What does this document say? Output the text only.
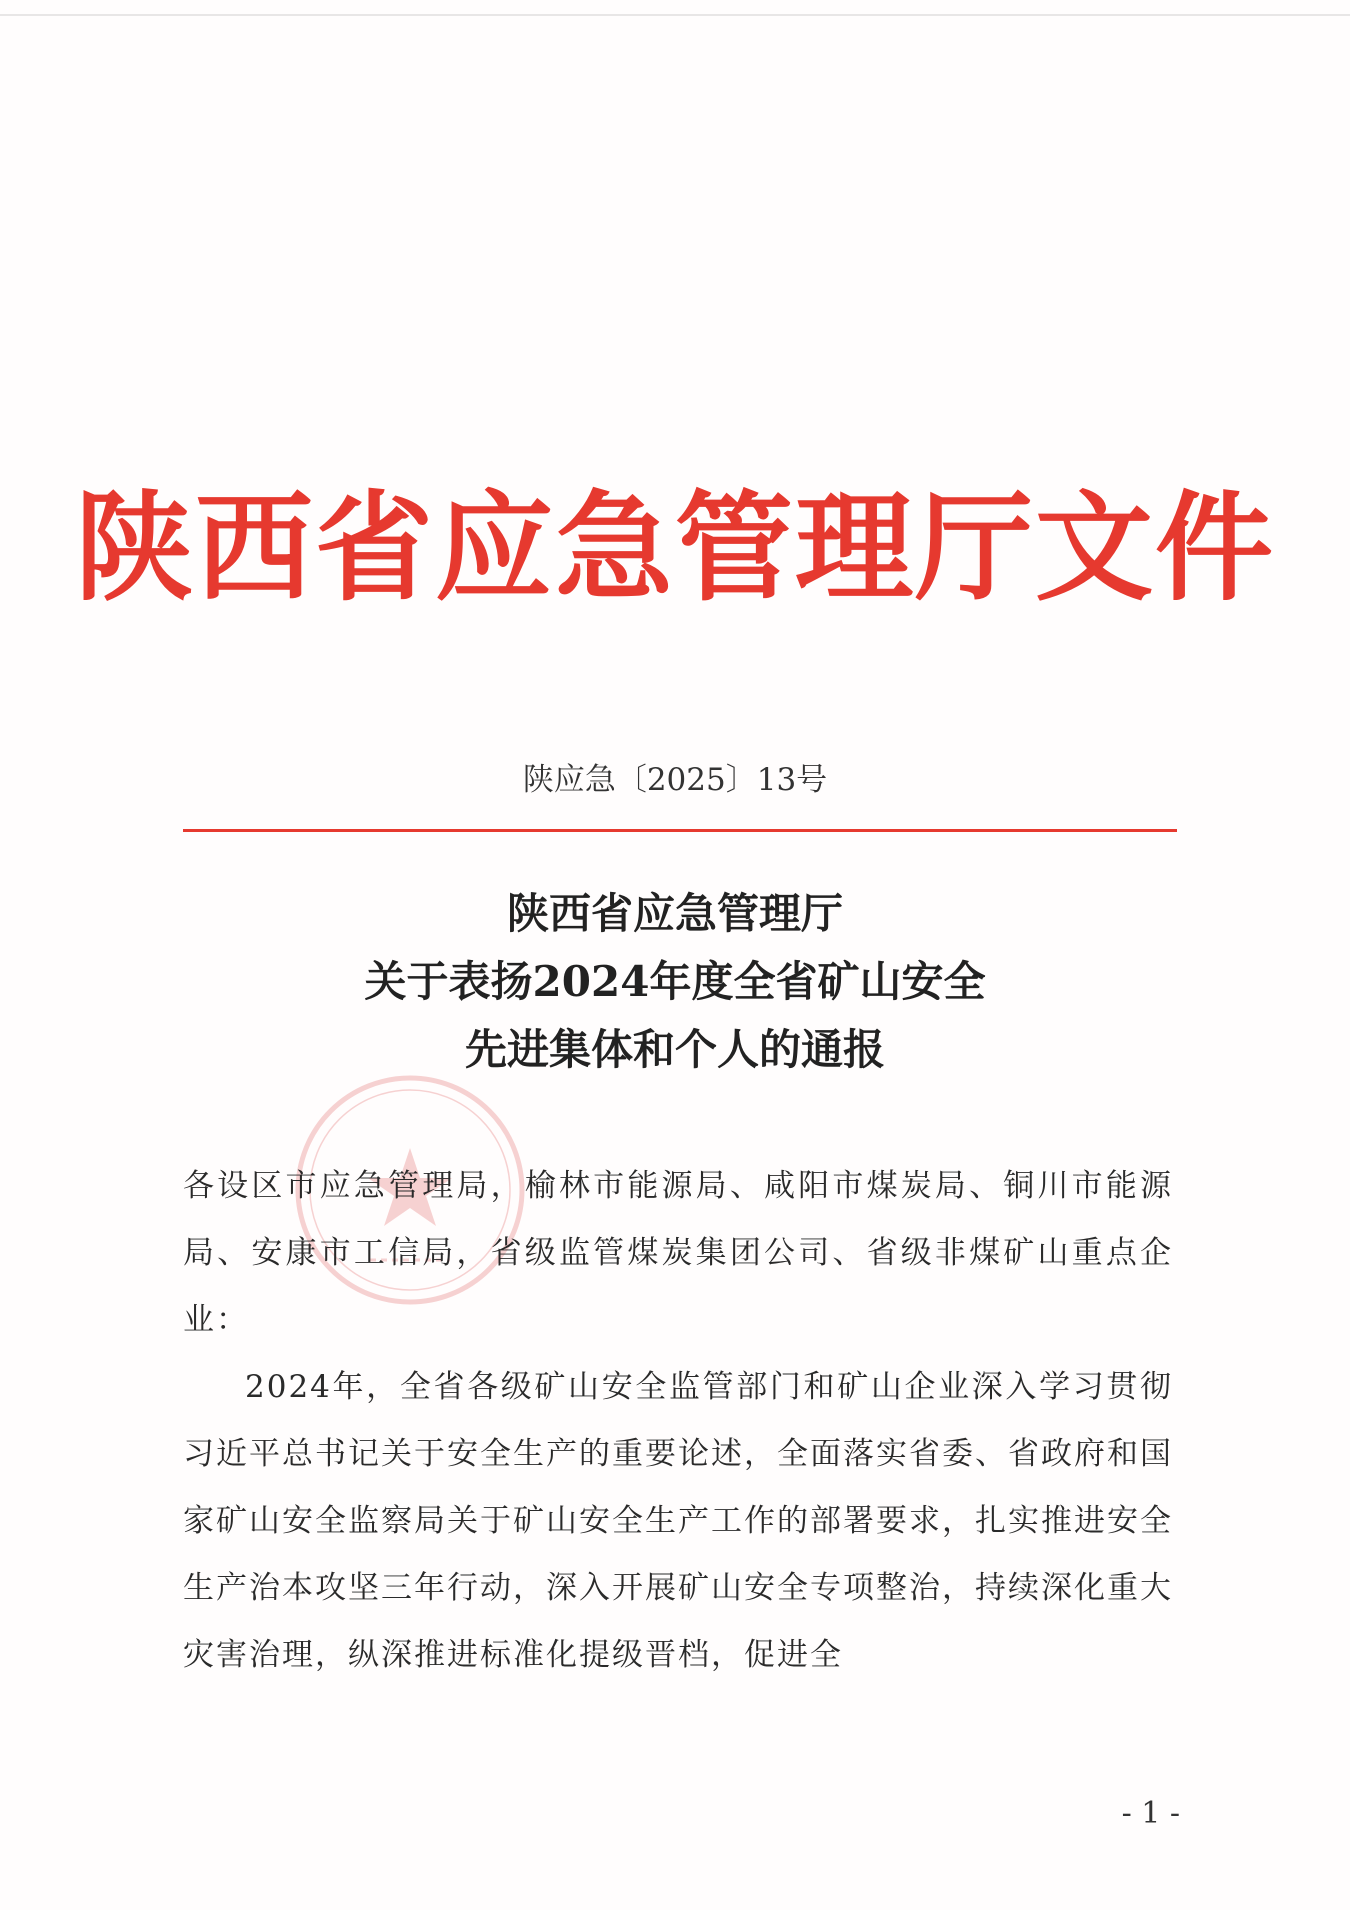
陕西省应急管理厅文件
陕应急〔2025〕13号
陕西省应急管理厅
关于表扬2024年度全省矿山安全
先进集体和个人的通报

各设区市应急管理局，榆林市能源局、咸阳市煤炭局、铜川市能源局、安康市工信局，省级监管煤炭集团公司、省级非煤矿山重点企业：

2024年，全省各级矿山安全监管部门和矿山企业深入学习贯彻习近平总书记关于安全生产的重要论述，全面落实省委、省政府和国家矿山安全监察局关于矿山安全生产工作的部署要求，扎实推进安全生产治本攻坚三年行动，深入开展矿山安全专项整治，持续深化重大灾害治理，纵深推进标准化提级晋档，促进全

- 1 -
